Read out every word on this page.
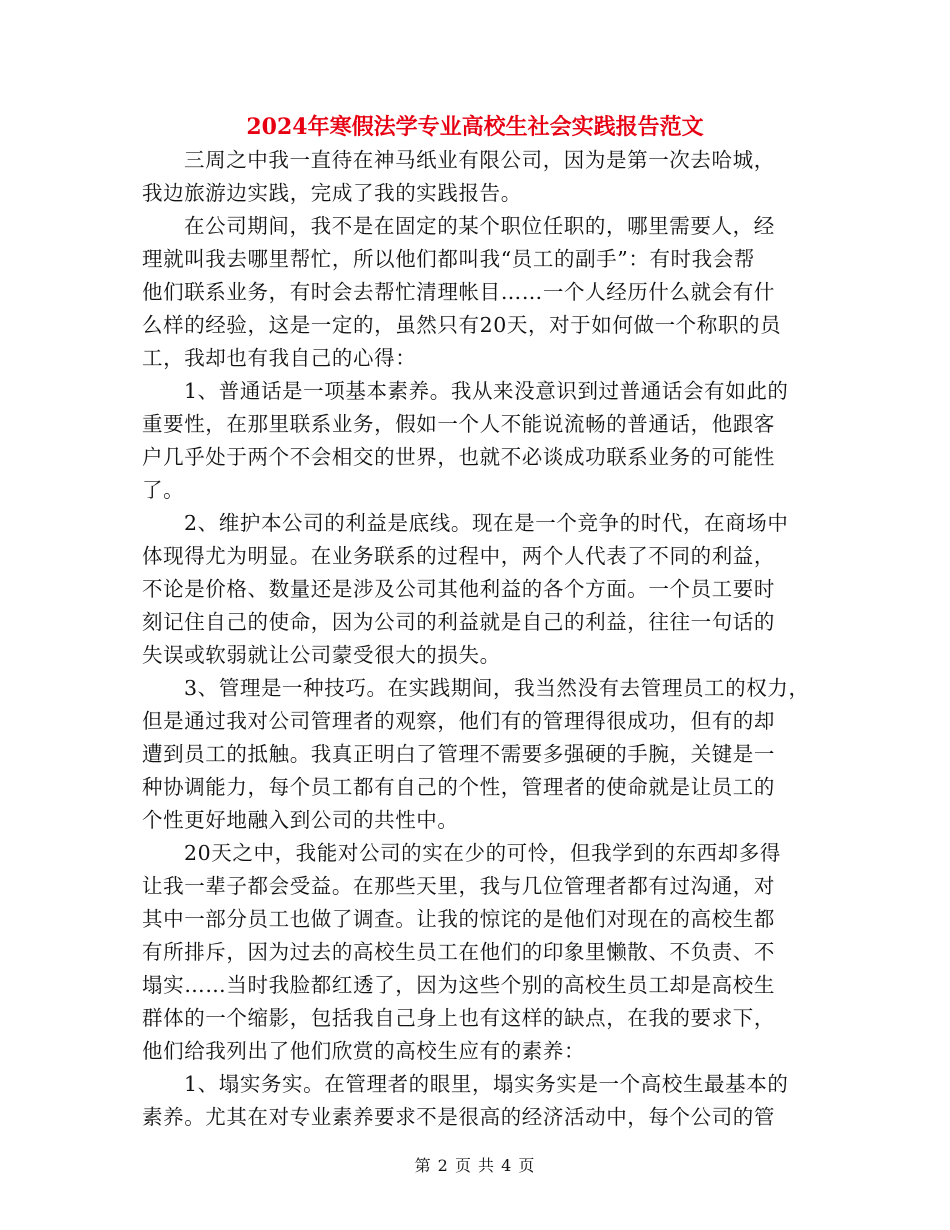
2024年寒假法学专业高校生社会实践报告范文
三周之中我一直待在神马纸业有限公司，因为是第一次去哈城，
我边旅游边实践，完成了我的实践报告。
在公司期间，我不是在固定的某个职位任职的，哪里需要人，经
理就叫我去哪里帮忙，所以他们都叫我“员工的副手”：有时我会帮
他们联系业务，有时会去帮忙清理帐目……一个人经历什么就会有什
么样的经验，这是一定的，虽然只有20天，对于如何做一个称职的员
工，我却也有我自己的心得：
1、普通话是一项基本素养。我从来没意识到过普通话会有如此的
重要性，在那里联系业务，假如一个人不能说流畅的普通话，他跟客
户几乎处于两个不会相交的世界，也就不必谈成功联系业务的可能性
了。
2、维护本公司的利益是底线。现在是一个竞争的时代，在商场中
体现得尤为明显。在业务联系的过程中，两个人代表了不同的利益，
不论是价格、数量还是涉及公司其他利益的各个方面。一个员工要时
刻记住自己的使命，因为公司的利益就是自己的利益，往往一句话的
失误或软弱就让公司蒙受很大的损失。
3、管理是一种技巧。在实践期间，我当然没有去管理员工的权力，
但是通过我对公司管理者的观察，他们有的管理得很成功，但有的却
遭到员工的抵触。我真正明白了管理不需要多强硬的手腕，关键是一
种协调能力，每个员工都有自己的个性，管理者的使命就是让员工的
个性更好地融入到公司的共性中。
20天之中，我能对公司的实在少的可怜，但我学到的东西却多得
让我一辈子都会受益。在那些天里，我与几位管理者都有过沟通，对
其中一部分员工也做了调查。让我的惊诧的是他们对现在的高校生都
有所排斥，因为过去的高校生员工在他们的印象里懒散、不负责、不
塌实……当时我脸都红透了，因为这些个别的高校生员工却是高校生
群体的一个缩影，包括我自己身上也有这样的缺点，在我的要求下，
他们给我列出了他们欣赏的高校生应有的素养：
1、塌实务实。在管理者的眼里，塌实务实是一个高校生最基本的
素养。尤其在对专业素养要求不是很高的经济活动中，每个公司的管
第 2 页 共 4 页
